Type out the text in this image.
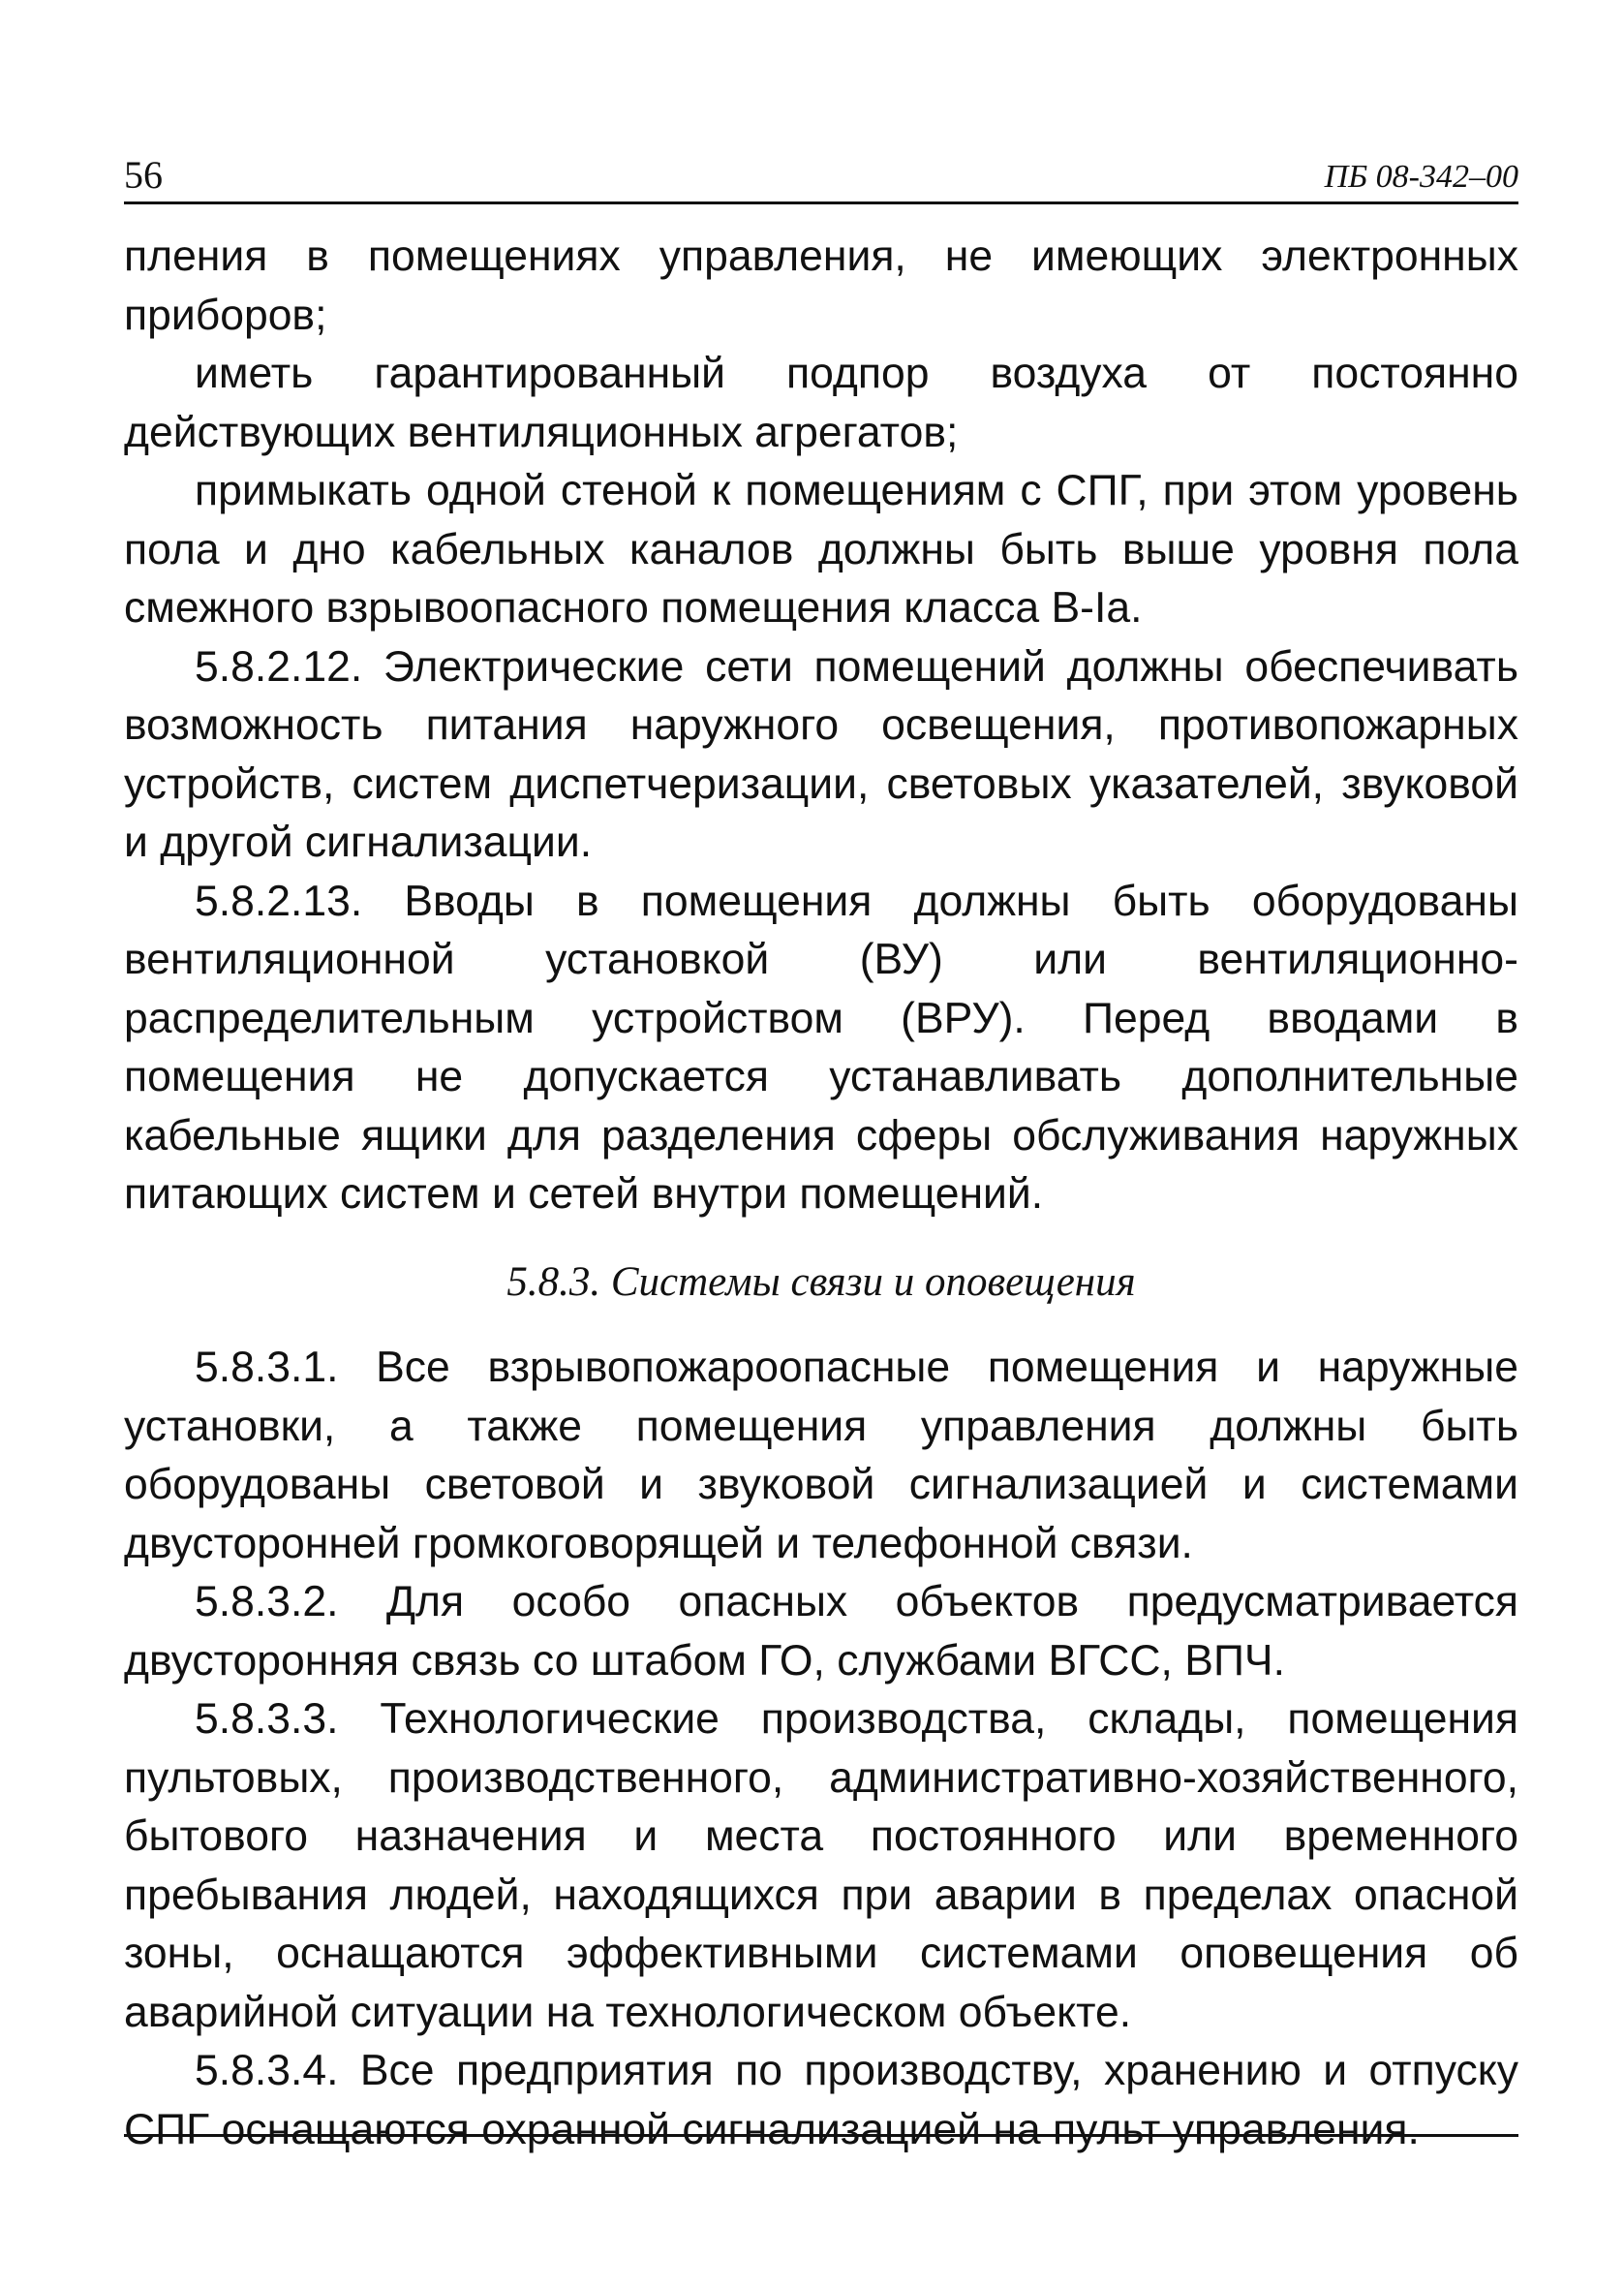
56	ПБ 08-342–00

пления в помещениях управления, не имеющих электронных приборов;

иметь гарантированный подпор воздуха от постоянно действующих вентиляционных агрегатов;

примыкать одной стеной к помещениям с СПГ, при этом уровень пола и дно кабельных каналов должны быть выше уровня пола смежного взрывоопасного помещения класса В-Iа.

5.8.2.12. Электрические сети помещений должны обеспечивать возможность питания наружного освещения, противопожарных устройств, систем диспетчеризации, световых указателей, звуковой и другой сигнализации.

5.8.2.13. Вводы в помещения должны быть оборудованы вентиляционной установкой (ВУ) или вентиляционно-распределительным устройством (ВРУ). Перед вводами в помещения не допускается устанавливать дополнительные кабельные ящики для разделения сферы обслуживания наружных питающих систем и сетей внутри помещений.

5.8.3. Системы связи и оповещения

5.8.3.1. Все взрывопожароопасные помещения и наружные установки, а также помещения управления должны быть оборудованы световой и звуковой сигнализацией и системами двусторонней громкоговорящей и телефонной связи.

5.8.3.2. Для особо опасных объектов предусматривается двусторонняя связь со штабом ГО, службами ВГСС, ВПЧ.

5.8.3.3. Технологические производства, склады, помещения пультовых, производственного, административно-хозяйственного, бытового назначения и места постоянного или временного пребывания людей, находящихся при аварии в пределах опасной зоны, оснащаются эффективными системами оповещения об аварийной ситуации на технологическом объекте.

5.8.3.4. Все предприятия по производству, хранению и отпуску СПГ оснащаются охранной сигнализацией на пульт управления.
